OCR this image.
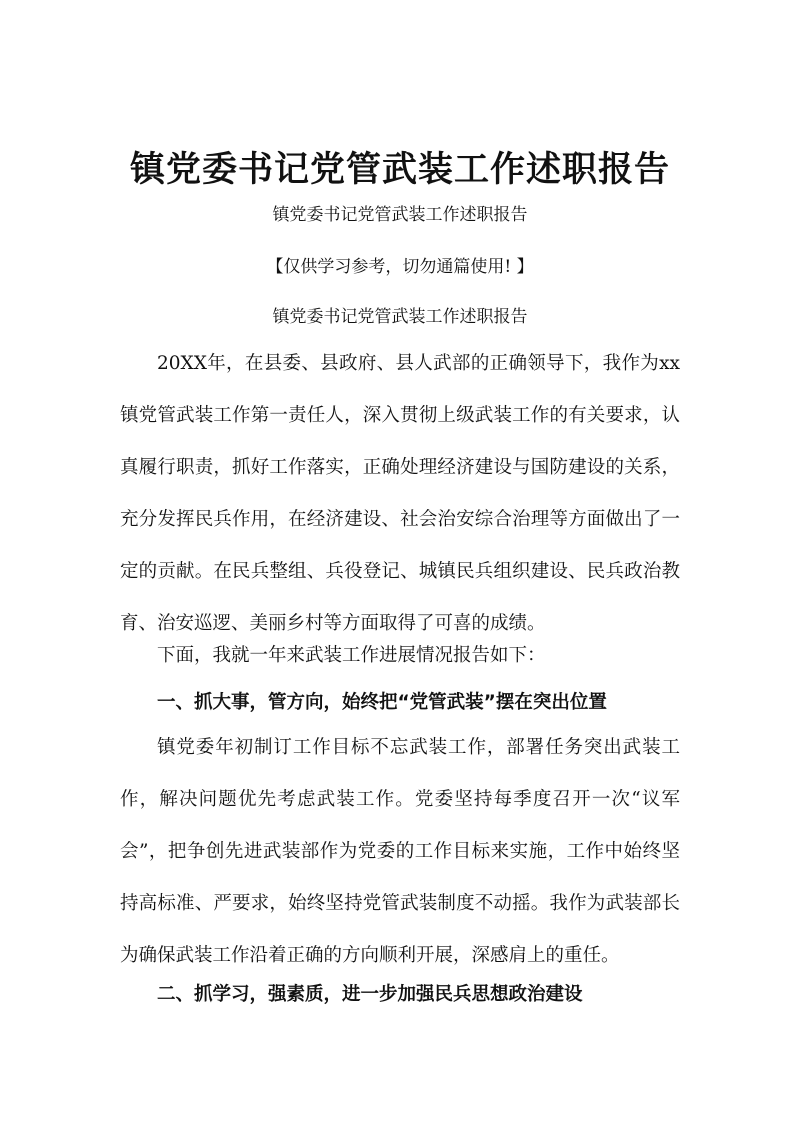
镇党委书记党管武装工作述职报告
镇党委书记党管武装工作述职报告
【仅供学习参考，切勿通篇使用! 】
镇党委书记党管武装工作述职报告

20XX年，在县委、县政府、县人武部的正确领导下，我作为xx镇党管武装工作第一责任人，深入贯彻上级武装工作的有关要求，认真履行职责，抓好工作落实，正确处理经济建设与国防建设的关系，充分发挥民兵作用，在经济建设、社会治安综合治理等方面做出了一定的贡献。在民兵整组、兵役登记、城镇民兵组织建设、民兵政治教育、治安巡逻、美丽乡村等方面取得了可喜的成绩。

下面，我就一年来武装工作进展情况报告如下：

一、抓大事，管方向，始终把“党管武装”摆在突出位置

镇党委年初制订工作目标不忘武装工作，部署任务突出武装工作，解决问题优先考虑武装工作。党委坚持每季度召开一次“议军会”，把争创先进武装部作为党委的工作目标来实施，工作中始终坚持高标准、严要求，始终坚持党管武装制度不动摇。我作为武装部长为确保武装工作沿着正确的方向顺利开展，深感肩上的重任。

二、抓学习，强素质，进一步加强民兵思想政治建设
